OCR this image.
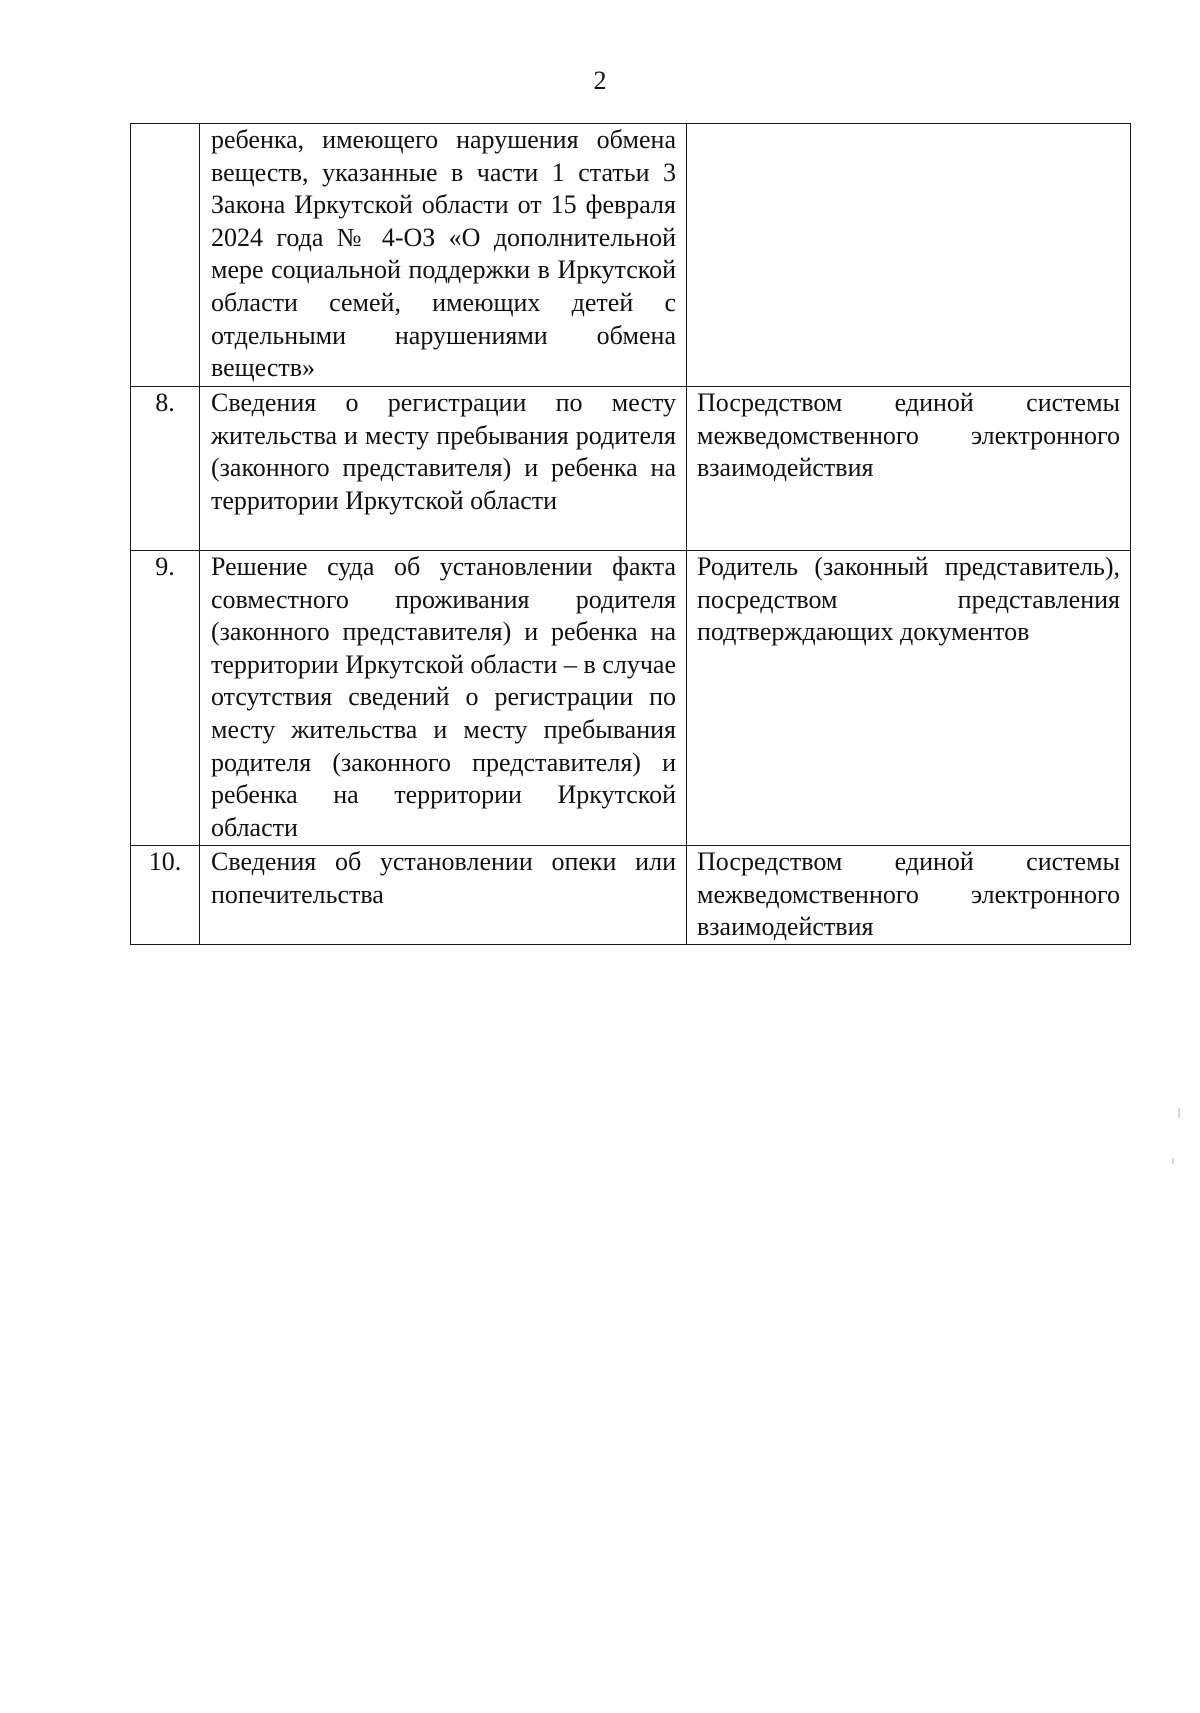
2
	ребенка, имеющего нарушения обмена веществ, указанные в части 1 статьи 3 Закона Иркутской области от 15 февраля 2024 года № 4-ОЗ «О дополнительной мере социальной поддержки в Иркутской области семей, имеющих детей с отдельными нарушениями обмена веществ»	
8.	Сведения о регистрации по месту жительства и месту пребывания родителя (законного представителя) и ребенка на территории Иркутской области	Посредством единой системы межведомственного электронного взаимодействия
9.	Решение суда об установлении факта совместного проживания родителя (законного представителя) и ребенка на территории Иркутской области – в случае отсутствия сведений о регистрации по месту жительства и месту пребывания родителя (законного представителя) и ребенка на территории Иркутской области	Родитель (законный представитель), посредством представления подтверждающих документов
10.	Сведения об установлении опеки или попечительства	Посредством единой системы межведомственного электронного взаимодействия
